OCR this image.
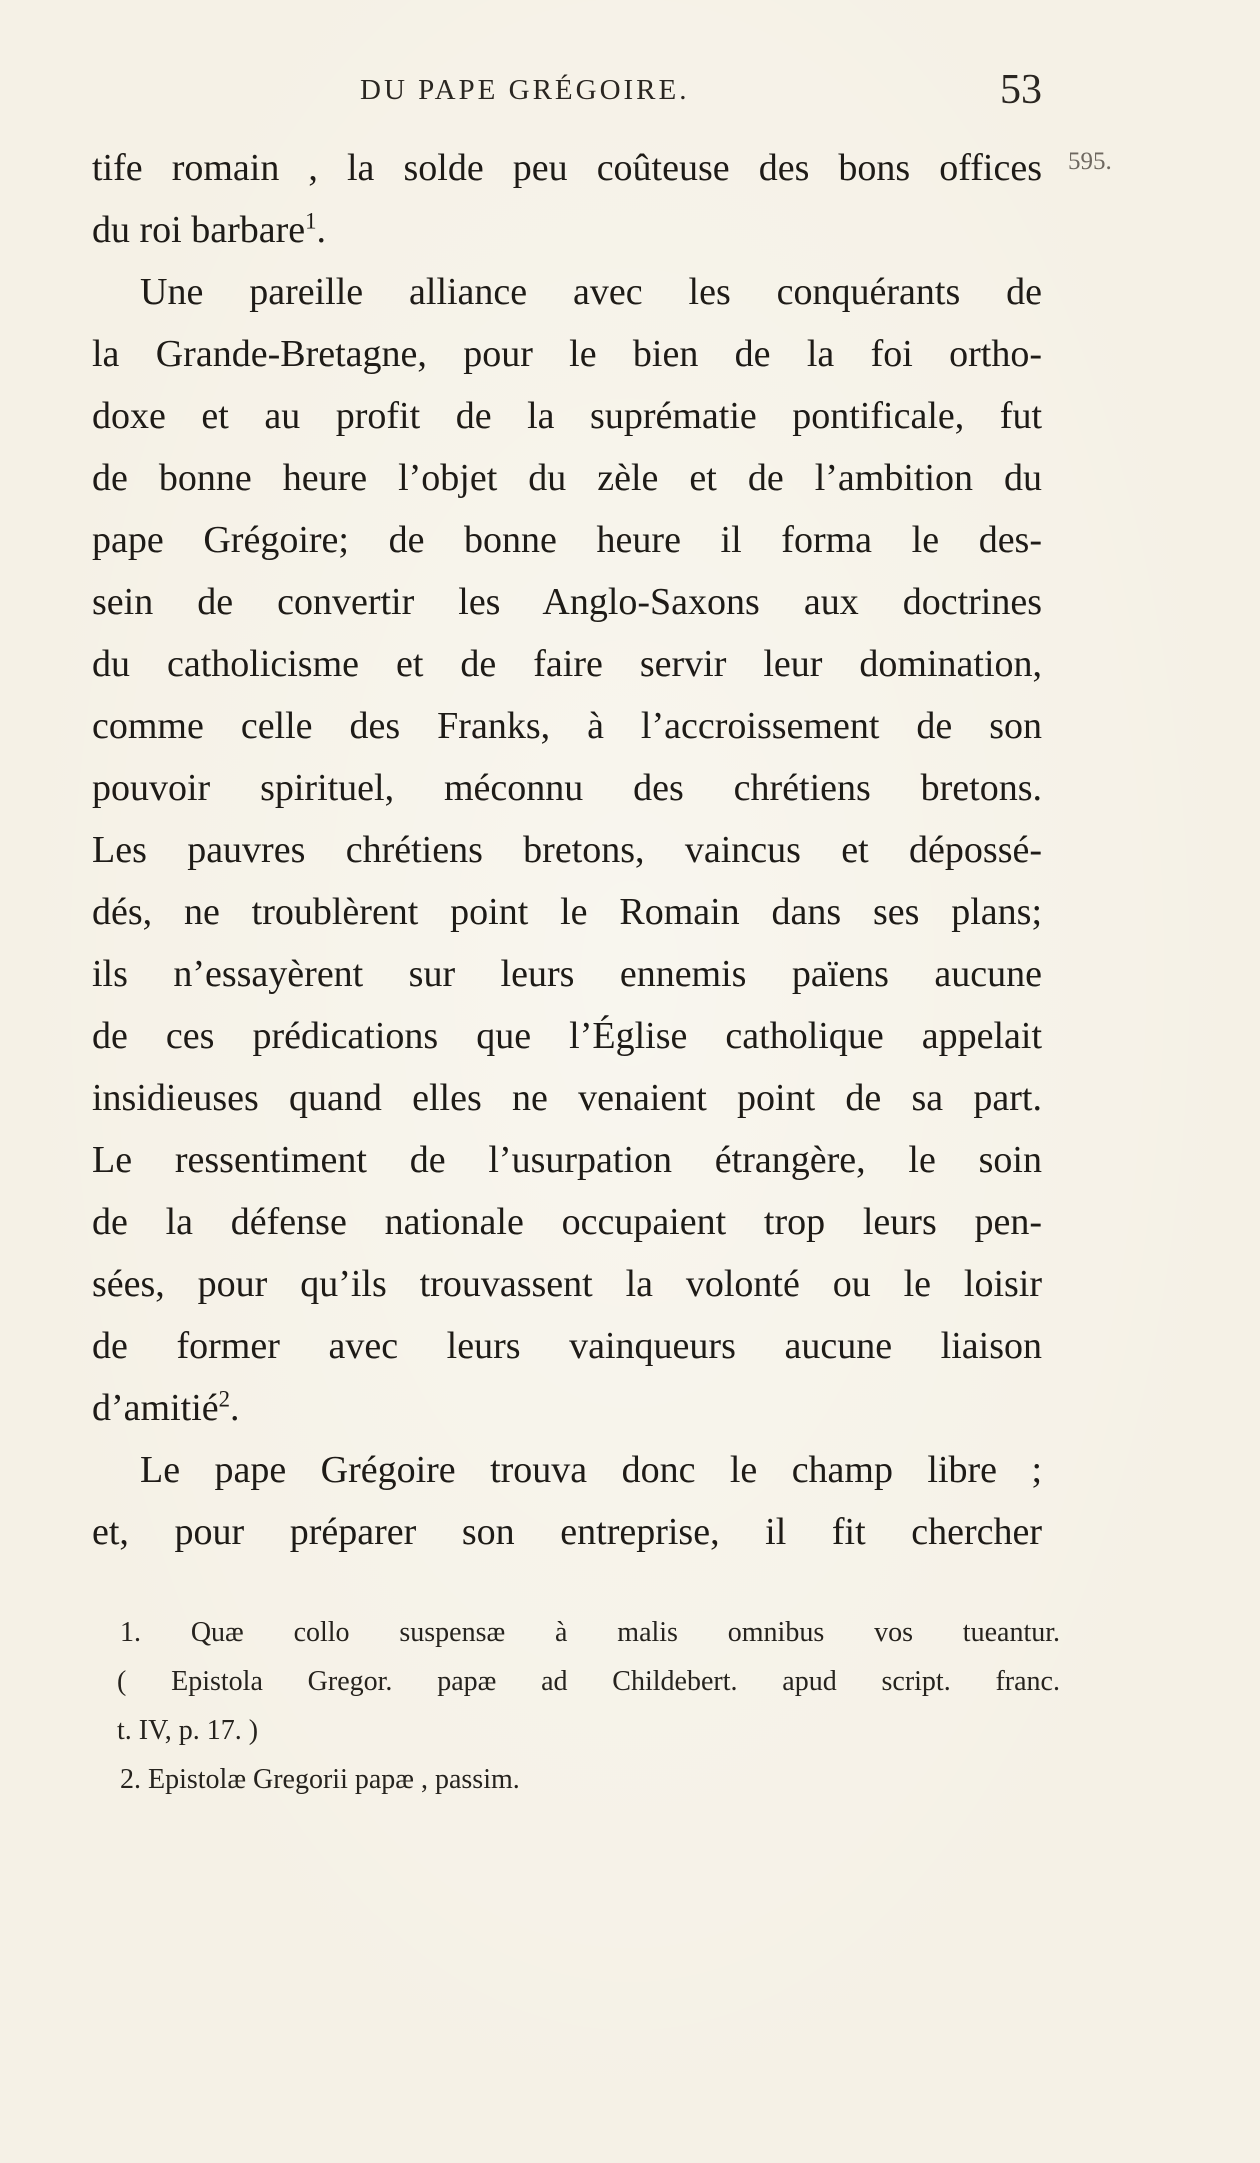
DU PAPE GRÉGOIRE.	53
595.
tife romain , la solde peu coûteuse des bons offices
du roi barbare$^1$.
Une pareille alliance avec les conquérants de
la Grande-Bretagne, pour le bien de la foi ortho-
doxe et au profit de la suprématie pontificale, fut
de bonne heure l’objet du zèle et de l’ambition du
pape Grégoire; de bonne heure il forma le des-
sein de convertir les Anglo-Saxons aux doctrines
du catholicisme et de faire servir leur domination,
comme celle des Franks, à l’accroissement de son
pouvoir spirituel, méconnu des chrétiens bretons.
Les pauvres chrétiens bretons, vaincus et dépossé-
dés, ne troublèrent point le Romain dans ses plans;
ils n’essayèrent sur leurs ennemis païens aucune
de ces prédications que l’Église catholique appelait
insidieuses quand elles ne venaient point de sa part.
Le ressentiment de l’usurpation étrangère, le soin
de la défense nationale occupaient trop leurs pen-
sées, pour qu’ils trouvassent la volonté ou le loisir
de former avec leurs vainqueurs aucune liaison
d’amitié$^2$.
Le pape Grégoire trouva donc le champ libre ;
et, pour préparer son entreprise, il fit chercher
1. Quæ collo suspensæ à malis omnibus vos tueantur.
( Epistola Gregor. papæ ad Childebert. apud script. franc.
t. IV, p. 17. )
2. Epistolæ Gregorii papæ , passim.
